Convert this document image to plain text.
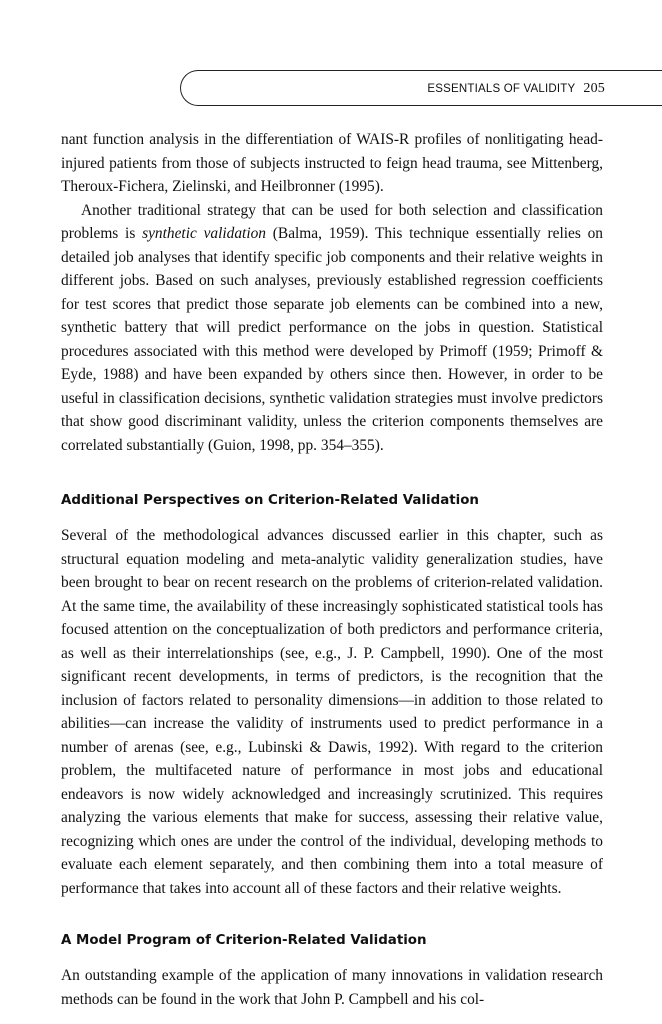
ESSENTIALS OF VALIDITY 205

nant function analysis in the differentiation of WAIS-R profiles of nonlitigating head-injured patients from those of subjects instructed to feign head trauma, see Mittenberg, Theroux-Fichera, Zielinski, and Heilbronner (1995).

Another traditional strategy that can be used for both selection and classification problems is synthetic validation (Balma, 1959). This technique essentially relies on detailed job analyses that identify specific job components and their relative weights in different jobs. Based on such analyses, previously established regression coefficients for test scores that predict those separate job elements can be combined into a new, synthetic battery that will predict performance on the jobs in question. Statistical procedures associated with this method were developed by Primoff (1959; Primoff & Eyde, 1988) and have been expanded by others since then. However, in order to be useful in classification decisions, synthetic validation strategies must involve predictors that show good discriminant validity, unless the criterion components themselves are correlated substantially (Guion, 1998, pp. 354–355).

Additional Perspectives on Criterion-Related Validation

Several of the methodological advances discussed earlier in this chapter, such as structural equation modeling and meta-analytic validity generalization studies, have been brought to bear on recent research on the problems of criterion-related validation. At the same time, the availability of these increasingly sophisticated statistical tools has focused attention on the conceptualization of both predictors and performance criteria, as well as their interrelationships (see, e.g., J. P. Campbell, 1990). One of the most significant recent developments, in terms of predictors, is the recognition that the inclusion of factors related to personality dimensions—in addition to those related to abilities—can increase the validity of instruments used to predict performance in a number of arenas (see, e.g., Lubinski & Dawis, 1992). With regard to the criterion problem, the multifaceted nature of performance in most jobs and educational endeavors is now widely acknowledged and increasingly scrutinized. This requires analyzing the various elements that make for success, assessing their relative value, recognizing which ones are under the control of the individual, developing methods to evaluate each element separately, and then combining them into a total measure of performance that takes into account all of these factors and their relative weights.

A Model Program of Criterion-Related Validation

An outstanding example of the application of many innovations in validation research methods can be found in the work that John P. Campbell and his col-
